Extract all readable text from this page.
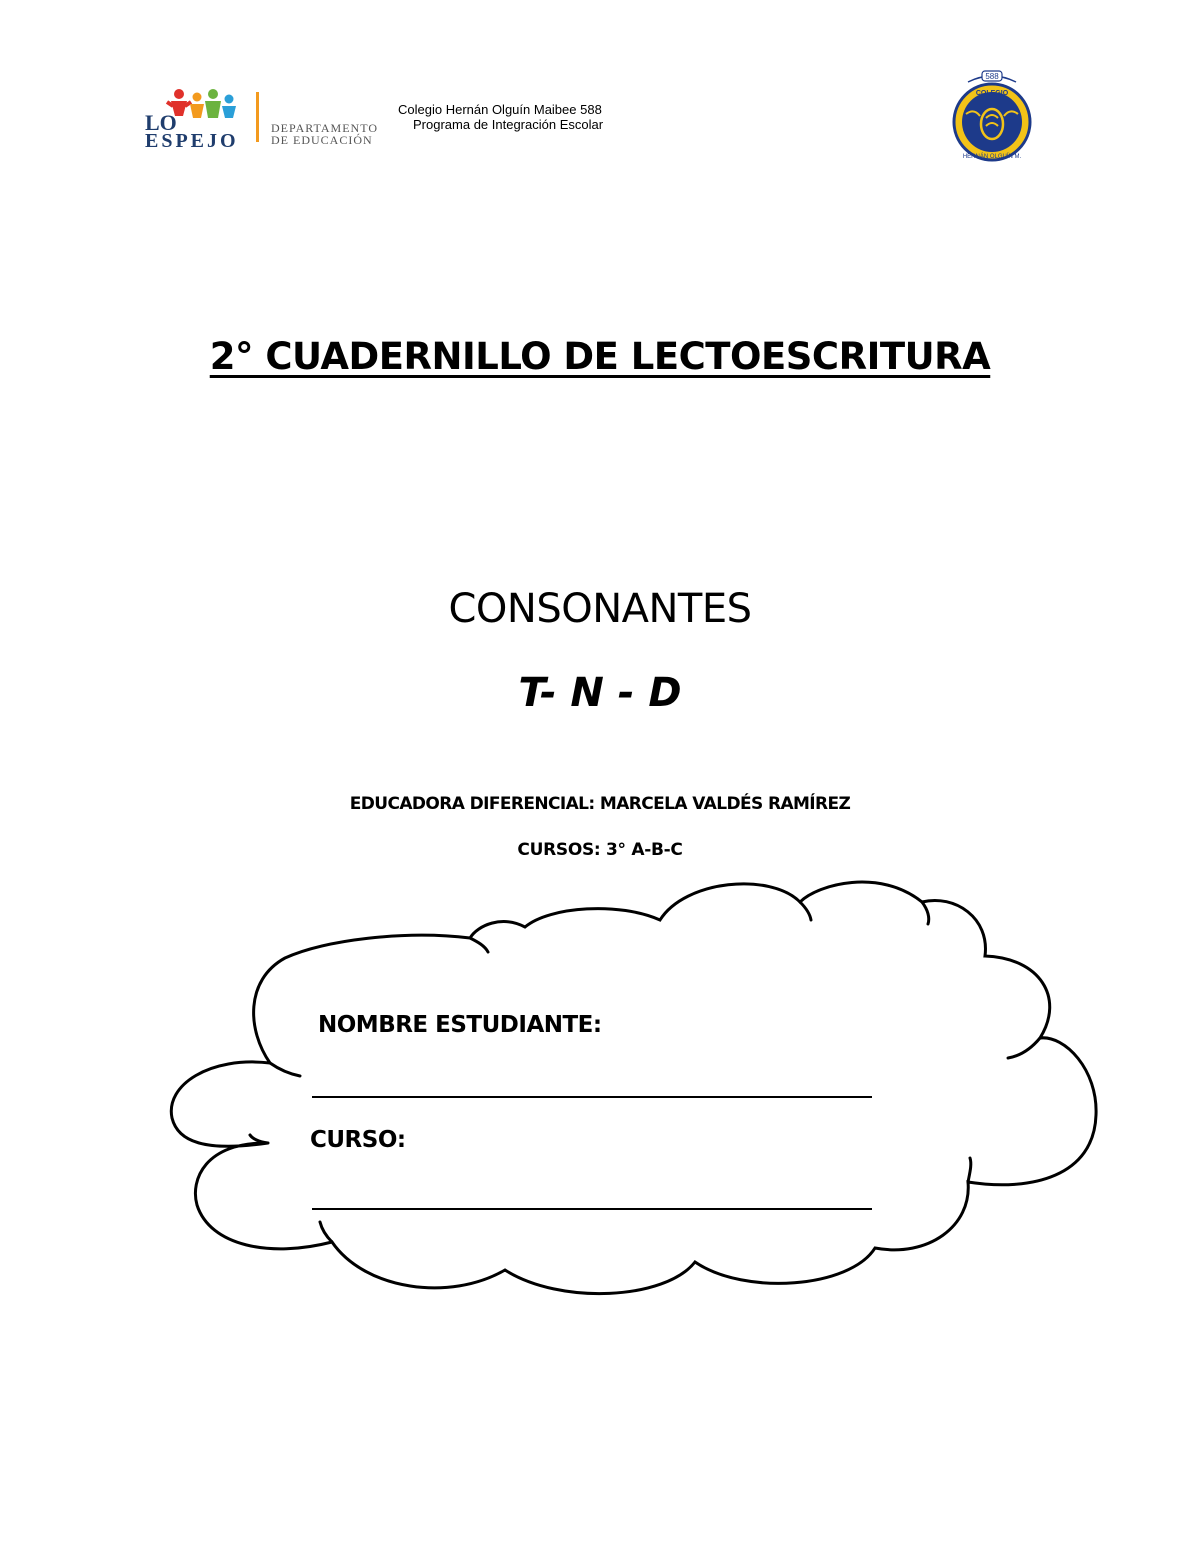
LO
ESPEJO
DEPARTAMENTO
DE EDUCACIÓN
Colegio Hernán Olguín Maibee 588
Programa de Integración Escolar
588
COLEGIO
HERNÁN OLGUÍN M.
2° CUADERNILLO DE LECTOESCRITURA
CONSONANTES
T- N - D
EDUCADORA DIFERENCIAL: MARCELA VALDÉS RAMÍREZ
CURSOS: 3° A-B-C
NOMBRE ESTUDIANTE:
CURSO:
